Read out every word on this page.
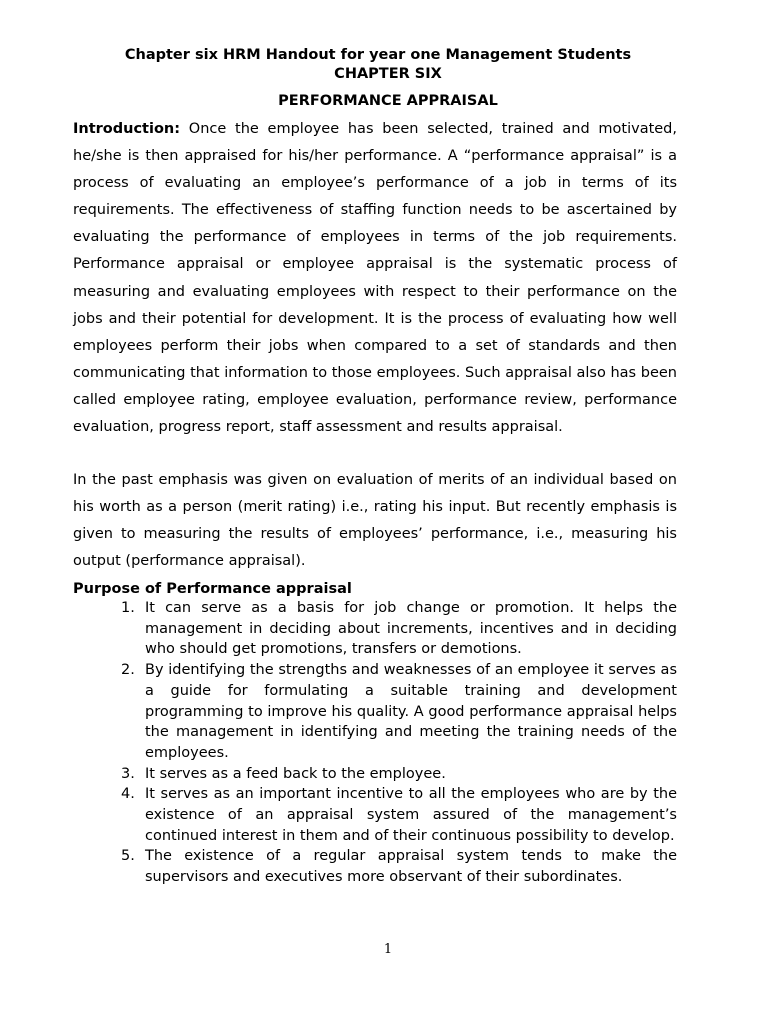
Chapter six HRM Handout for year one Management Students

CHAPTER SIX

PERFORMANCE APPRAISAL

Introduction: Once the employee has been selected, trained and motivated, he/she is then appraised for his/her performance. A “performance appraisal” is a process of evaluating an employee’s performance of a job in terms of its requirements. The effectiveness of staffing function needs to be ascertained by evaluating the performance of employees in terms of the job requirements. Performance appraisal or employee appraisal is the systematic process of measuring and evaluating employees with respect to their performance on the jobs and their potential for development. It is the process of evaluating how well employees perform their jobs when compared to a set of standards and then communicating that information to those employees. Such appraisal also has been called employee rating, employee evaluation, performance review, performance evaluation, progress report, staff assessment and results appraisal.

In the past emphasis was given on evaluation of merits of an individual based on his worth as a person (merit rating) i.e., rating his input. But recently emphasis is given to measuring the results of employees’ performance, i.e., measuring his output (performance appraisal).

Purpose of Performance appraisal

1. It can serve as a basis for job change or promotion. It helps the management in deciding about increments, incentives and in deciding who should get promotions, transfers or demotions.
2. By identifying the strengths and weaknesses of an employee it serves as a guide for formulating a suitable training and development programming to improve his quality. A good performance appraisal helps the management in identifying and meeting the training needs of the employees.
3. It serves as a feed back to the employee.
4. It serves as an important incentive to all the employees who are by the existence of an appraisal system assured of the management’s continued interest in them and of their continuous possibility to develop.
5. The existence of a regular appraisal system tends to make the supervisors and executives more observant of their subordinates.

1
